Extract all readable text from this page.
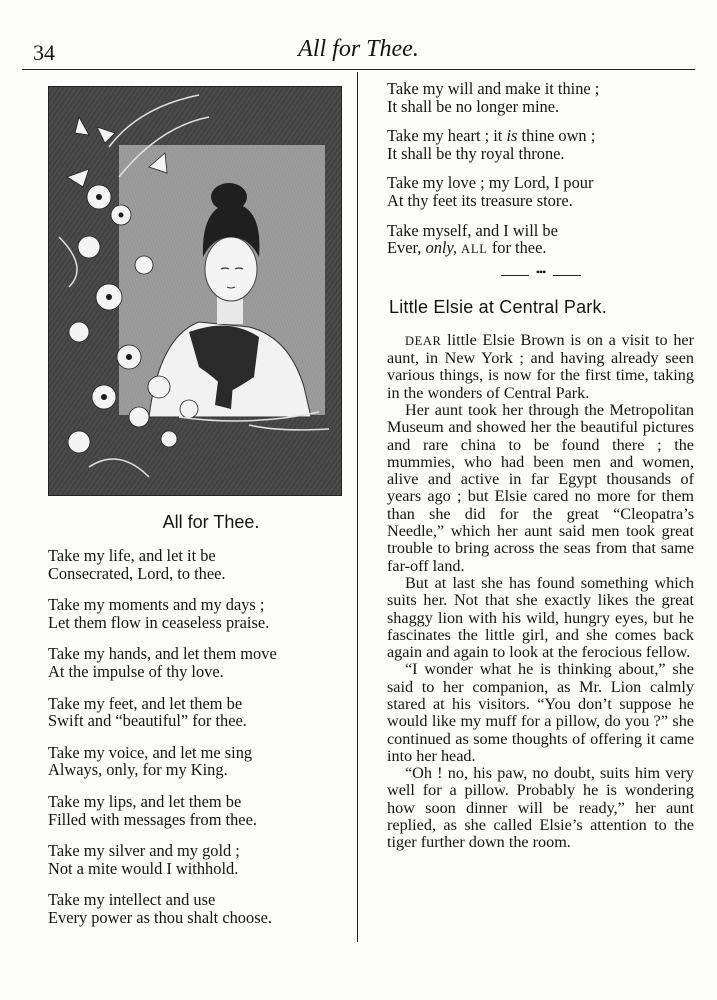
34	All for Thee.
All for Thee.
Take my life, and let it be
Consecrated, Lord, to thee.
Take my moments and my days ;
Let them flow in ceaseless praise.
Take my hands, and let them move
At the impulse of thy love.
Take my feet, and let them be
Swift and “beautiful” for thee.
Take my voice, and let me sing
Always, only, for my King.
Take my lips, and let them be
Filled with messages from thee.
Take my silver and my gold ;
Not a mite would I withhold.
Take my intellect and use
Every power as thou shalt choose.
Take my will and make it thine ;
It shall be no longer mine.
Take my heart ; it is thine own ;
It shall be thy royal throne.
Take my love ; my Lord, I pour
At thy feet its treasure store.
Take myself, and I will be
Ever, only, ALL for thee.
•••
Little Elsie at Central Park.

DEAR little Elsie Brown is on a visit to her aunt, in New York ; and having already seen various things, is now for the first time, taking in the wonders of Central Park.

Her aunt took her through the Metropolitan Museum and showed her the beautiful pictures and rare china to be found there ; the mummies, who had been men and women, alive and active in far Egypt thousands of years ago ; but Elsie cared no more for them than she did for the great “Cleopatra’s Needle,” which her aunt said men took great trouble to bring across the seas from that same far-off land.

But at last she has found something which suits her. Not that she exactly likes the great shaggy lion with his wild, hungry eyes, but he fascinates the little girl, and she comes back again and again to look at the ferocious fellow.

“I wonder what he is thinking about,” she said to her companion, as Mr. Lion calmly stared at his visitors. “You don’t suppose he would like my muff for a pillow, do you ?” she continued as some thoughts of offering it came into her head.

“Oh ! no, his paw, no doubt, suits him very well for a pillow. Probably he is wondering how soon dinner will be ready,” her aunt replied, as she called Elsie’s attention to the tiger further down the room.
